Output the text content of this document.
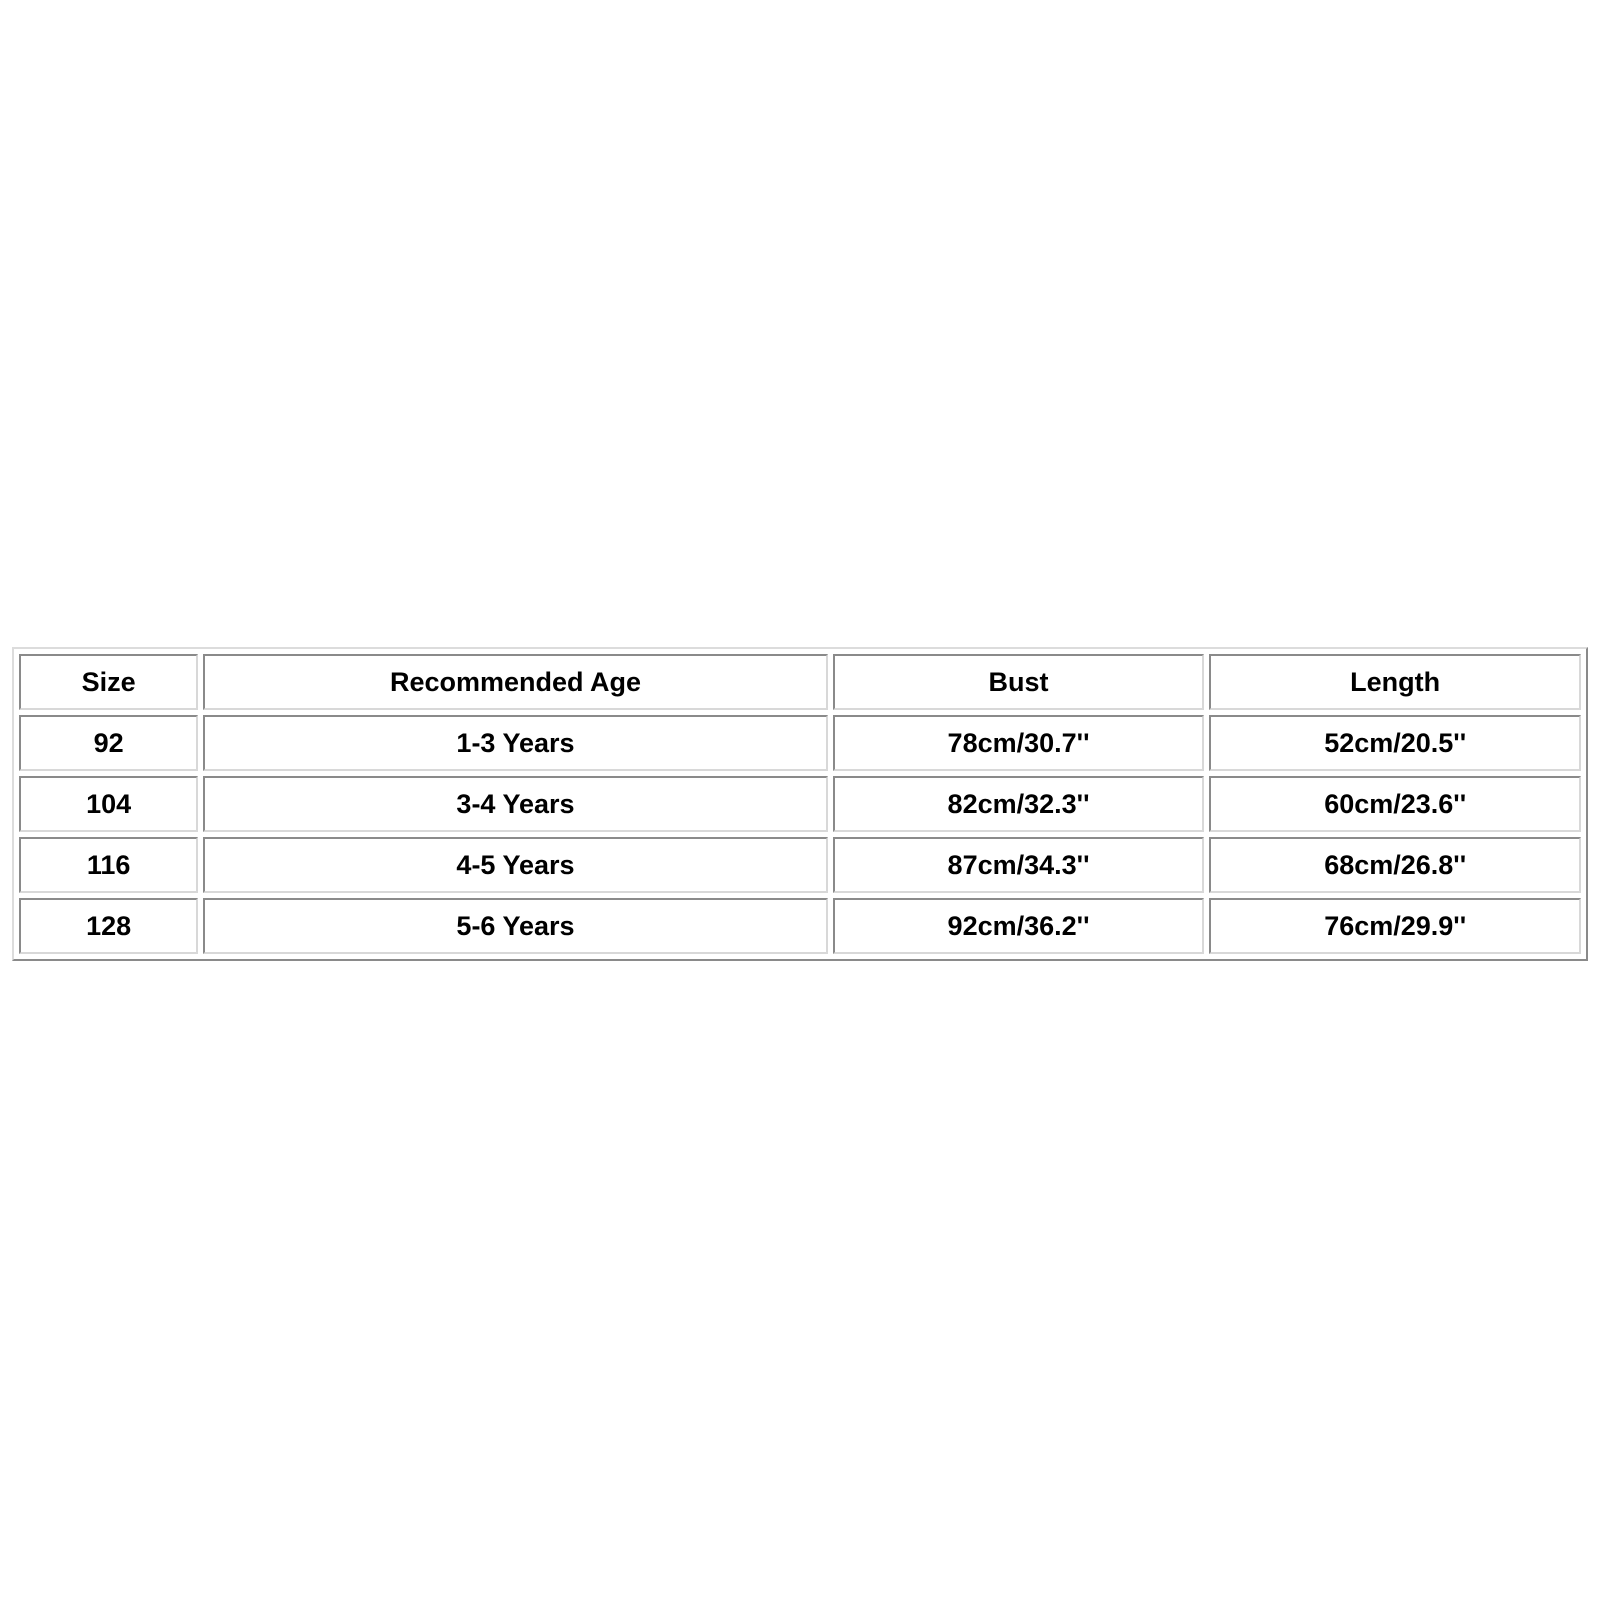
Size	Recommended Age	Bust	Length
92	1-3 Years	78cm/30.7''	52cm/20.5''
104	3-4 Years	82cm/32.3''	60cm/23.6''
116	4-5 Years	87cm/34.3''	68cm/26.8''
128	5-6 Years	92cm/36.2''	76cm/29.9''
